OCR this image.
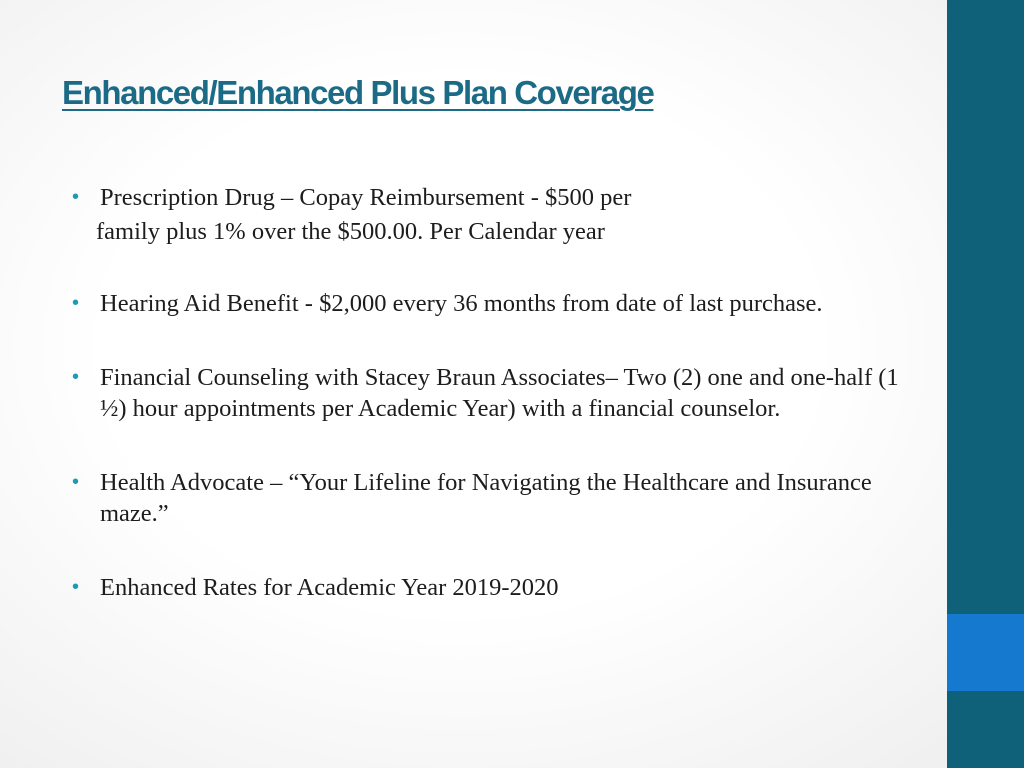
Enhanced/Enhanced Plus Plan Coverage
• Prescription Drug – Copay Reimbursement - $500 per
family plus 1% over the $500.00. Per Calendar year
• Hearing Aid Benefit - $2,000 every 36 months from date of last purchase.
• Financial Counseling with Stacey Braun Associates– Two (2) one and one-half (1 ½) hour appointments per Academic Year) with a financial counselor.
• Health Advocate – “Your Lifeline for Navigating the Healthcare and Insurance maze.”
• Enhanced Rates for Academic Year 2019-2020
